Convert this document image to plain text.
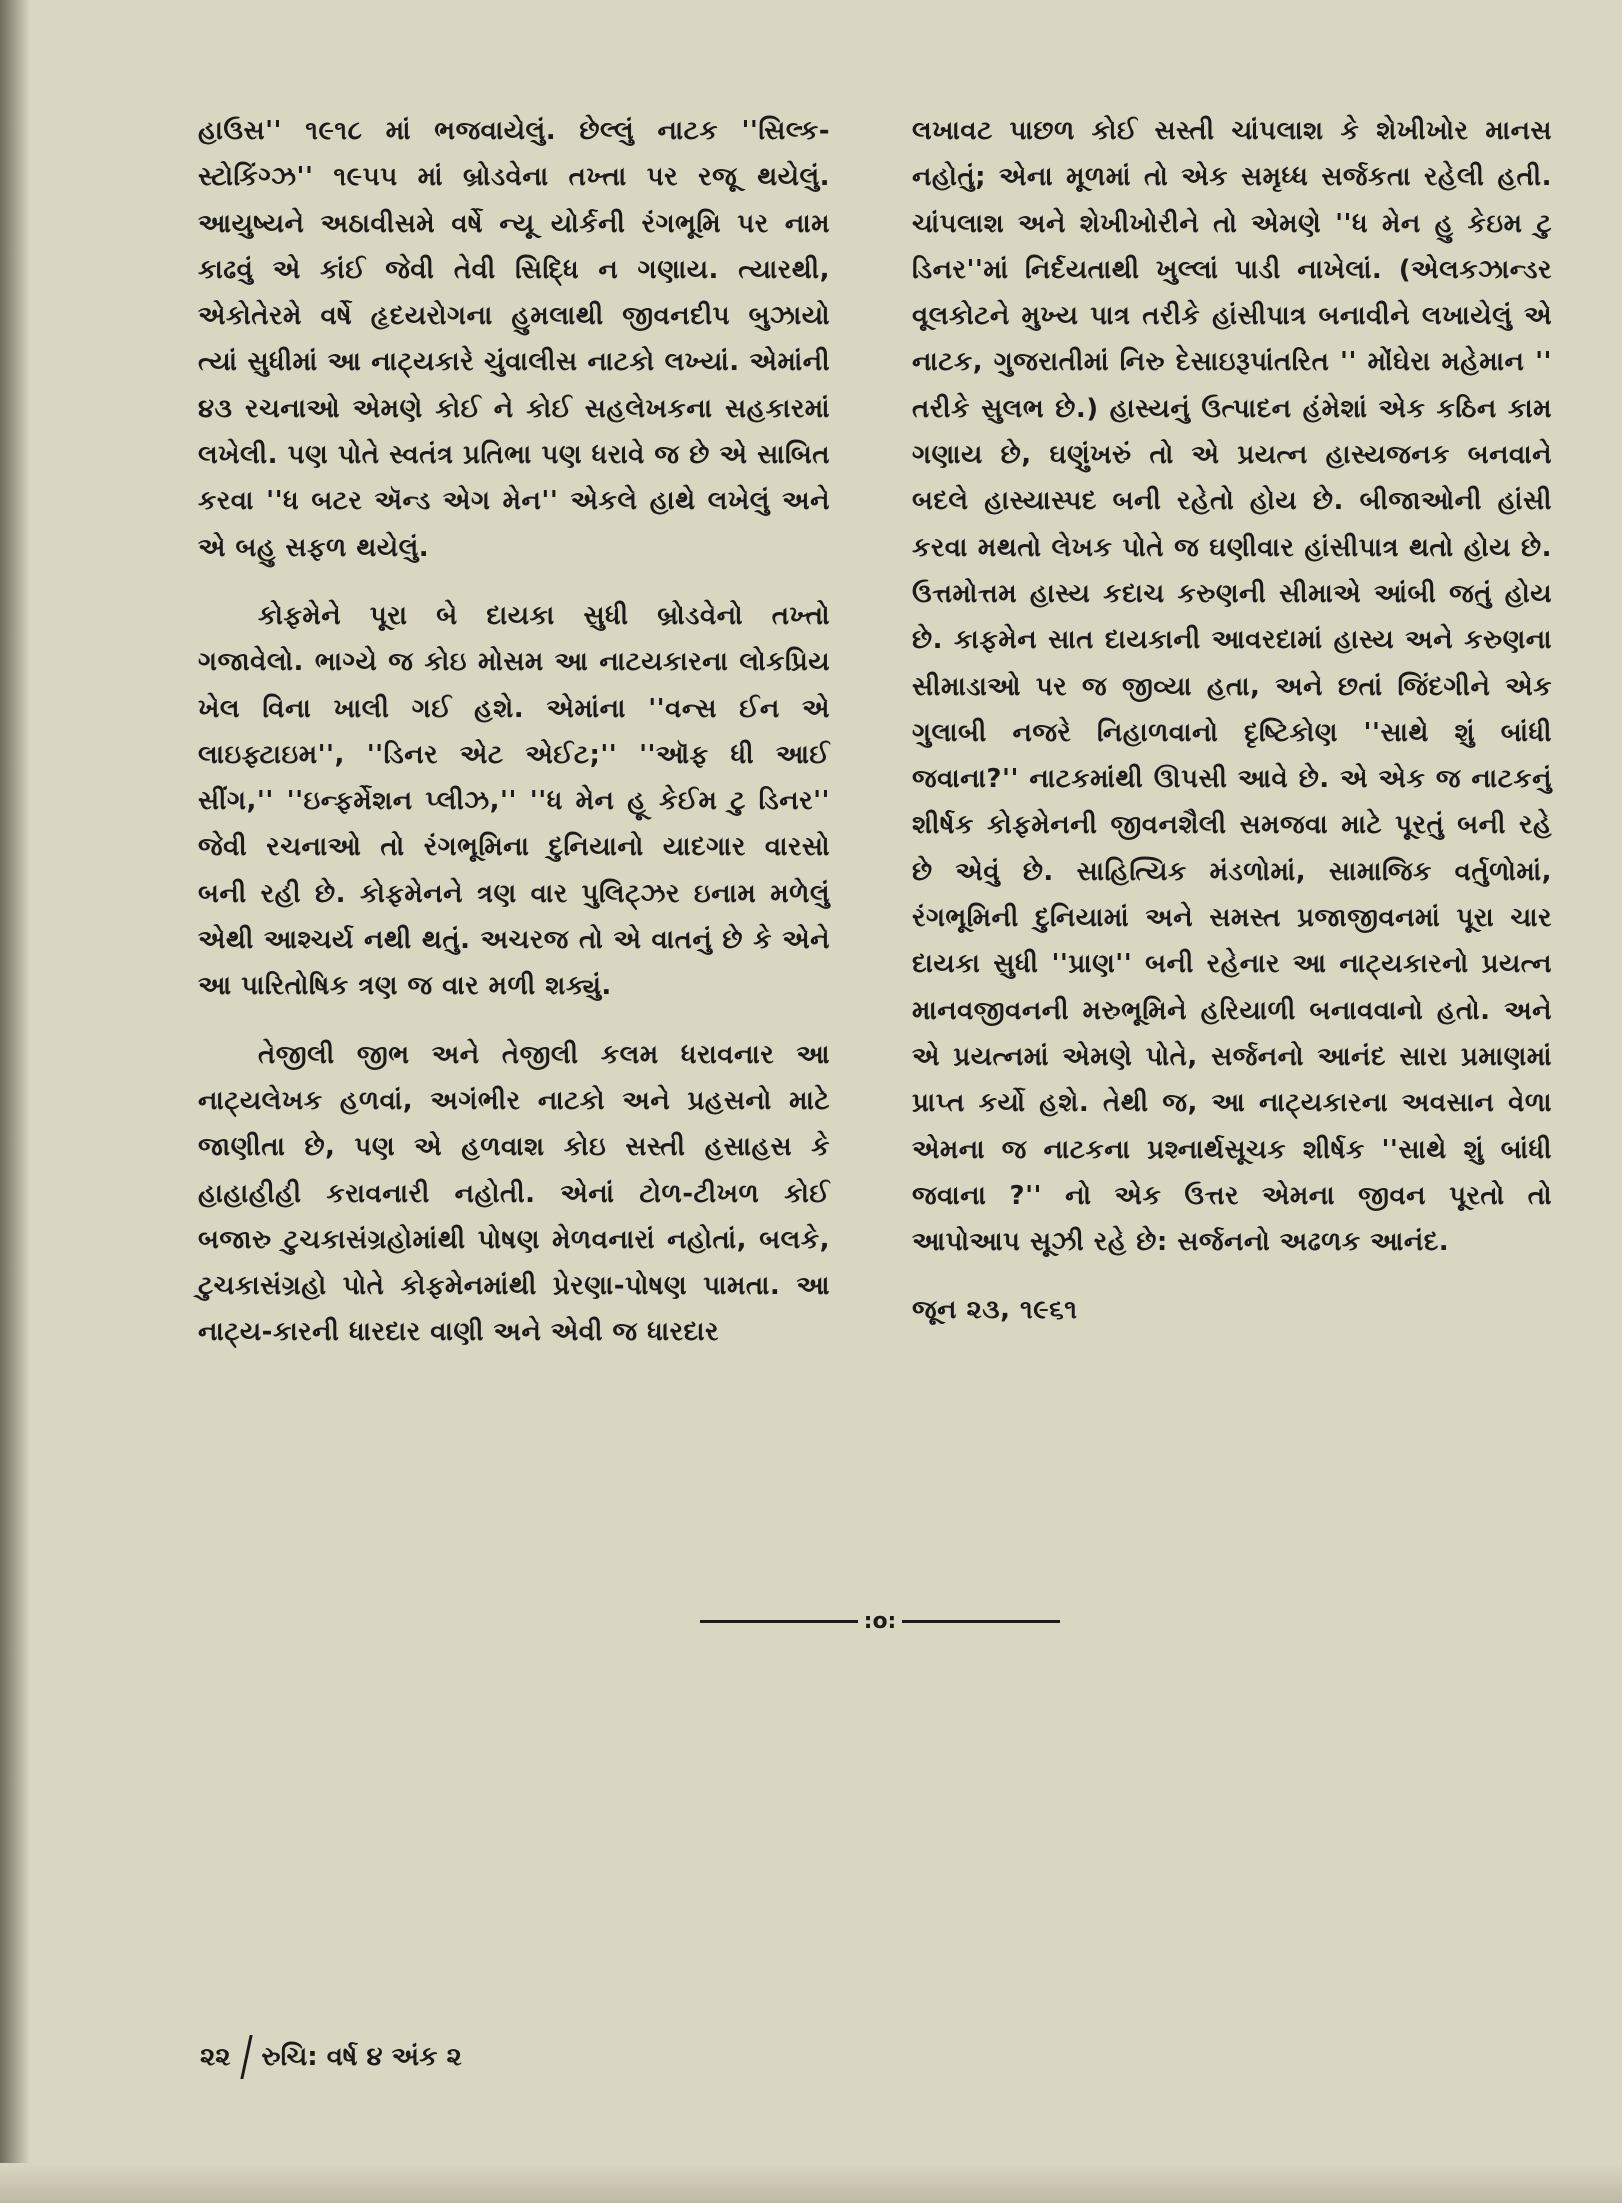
હાઉસ'' ૧૯૧૮ માં ભજવાયેલું. છેલ્લું નાટક ''સિલ્ક-સ્ટોકિંગ્ઝ'' ૧૯૫૫ માં બ્રોડવેના તખ્તા પર રજૂ થયેલું. આયુષ્યને અઠાવીસમે વર્ષે ન્યૂ યોર્કની રંગભૂમિ પર નામ કાઢવું એ કાંઈ જેવી તેવી સિદ્ધિ ન ગણાય. ત્યારથી, એકોતેરમે વર્ષે હૃદયરોગના હુમલાથી જીવનદીપ બુઝાયો ત્યાં સુધીમાં આ નાટ્યકારે ચુંવાલીસ નાટકો લખ્યાં. એમાંની ૪૩ રચનાઓ એમણે કોઈ ને કોઈ સહલેખકના સહકારમાં લખેલી. પણ પોતે સ્વતંત્ર પ્રતિભા પણ ધરાવે જ છે એ સાબિત કરવા ''ધ બટર ઍન્ડ એગ મેન'' એકલે હાથે લખેલું અને એ બહુ સફળ થયેલું.

કોફમેને પૂરા બે દાયકા સુધી બ્રોડવેનો તખ્તો ગજાવેલો. ભાગ્યે જ કોઇ મોસમ આ નાટયકારના લોકપ્રિય ખેલ વિના ખાલી ગઈ હશે. એમાંના ''વન્સ ઈન એ લાઇફ્ટાઇમ'', ''ડિનર એટ એઈટ;'' ''ઑફ ધી આઈ સીંગ,'' ''ઇન્ફર્મેશન પ્લીઝ,'' ''ધ મેન હૂ કેઈમ ટુ ડિનર'' જેવી રચનાઓ તો રંગભૂમિના દુનિયાનો યાદગાર વારસો બની રહી છે. કોફમેનને ત્રણ વાર પુલિટ્ઝર ઇનામ મળેલું એથી આશ્ચર્ય નથી થતું. અચરજ તો એ વાતનું છે કે એને આ પારિતોષિક ત્રણ જ વાર મળી શક્યું.

તેજીલી જીભ અને તેજીલી કલમ ધરાવનાર આ નાટ્યલેખક હળવાં, અગંભીર નાટકો અને પ્રહસનો માટે જાણીતા છે, પણ એ હળવાશ કોઇ સસ્તી હસાહસ કે હાહાહીહી કરાવનારી નહોતી. એનાં ટોળ-ટીખળ કોઈ બજારુ ટુચકાસંગ્રહોમાંથી પોષણ મેળવનારાં નહોતાં, બલકે, ટુચકાસંગ્રહો પોતે કોફમેનમાંથી પ્રેરણા-પોષણ પામતા. આ નાટ્ય-કારની ધારદાર વાણી અને એવી જ ધારદાર

લખાવટ પાછળ કોઈ સસ્તી ચાંપલાશ કે શેખીખોર માનસ નહોતું; એના મૂળમાં તો એક સમૃધ્ધ સર્જકતા રહેલી હતી. ચાંપલાશ અને શેખીખોરીને તો એમણે ''ધ મેન હુ કેઇમ ટુ ડિનર''માં નિર્દયતાથી ખુલ્લાં પાડી નાખેલાં. (એલકઝાન્ડર વૂલકોટને મુખ્ય પાત્ર તરીકે હાંસીપાત્ર બનાવીને લખાયેલું એ નાટક, ગુજરાતીમાં નિરુ દેસાઇરૂપાંતરિત '' મોંઘેરા મહેમાન '' તરીકે સુલભ છે.) હાસ્યનું ઉત્પાદન હંમેશાં એક કઠિન કામ ગણાય છે, ઘણુંખરું તો એ પ્રયત્ન હાસ્યજનક બનવાને બદલે હાસ્યાસ્પદ બની રહેતો હોય છે. બીજાઓની હાંસી કરવા મથતો લેખક પોતે જ ઘણીવાર હાંસીપાત્ર થતો હોય છે. ઉત્તમોત્તમ હાસ્ય કદાચ કરુણની સીમાએ આંબી જતું હોય છે. કાફમેન સાત દાયકાની આવરદામાં હાસ્ય અને કરુણના સીમાડાઓ પર જ જીવ્યા હતા, અને છતાં જિંદગીને એક ગુલાબી નજરે નિહાળવાનો દૃષ્ટિકોણ ''સાથે શું બાંધી જવાના?'' નાટકમાંથી ઊપસી આવે છે. એ એક જ નાટકનું શીર્ષક કોફમેનની જીવનશૈલી સમજવા માટે પૂરતું બની રહે છે એવું છે. સાહિત્યિક મંડળોમાં, સામાજિક વર્તુળોમાં, રંગભૂમિની દુનિયામાં અને સમસ્ત પ્રજાજીવનમાં પૂરા ચાર દાયકા સુધી ''પ્રાણ'' બની રહેનાર આ નાટ્યકારનો પ્રયત્ન માનવજીવનની મરુભૂમિને હરિયાળી બનાવવાનો હતો. અને એ પ્રયત્નમાં એમણે પોતે, સર્જનનો આનંદ સારા પ્રમાણમાં પ્રાપ્ત કર્યો હશે. તેથી જ, આ નાટ્યકારના અવસાન વેળા એમના જ નાટકના પ્રશ્નાર્થસૂચક શીર્ષક ''સાથે શું બાંધી જવાના ?'' નો એક ઉત્તર એમના જીવન પૂરતો તો આપોઆપ સૂઝી રહે છે: સર્જનનો અઢળક આનંદ.

જૂન ૨૩, ૧૯૬૧
:o:
૨૨ રુચિ: વર્ષ ૪ અંક ૨
